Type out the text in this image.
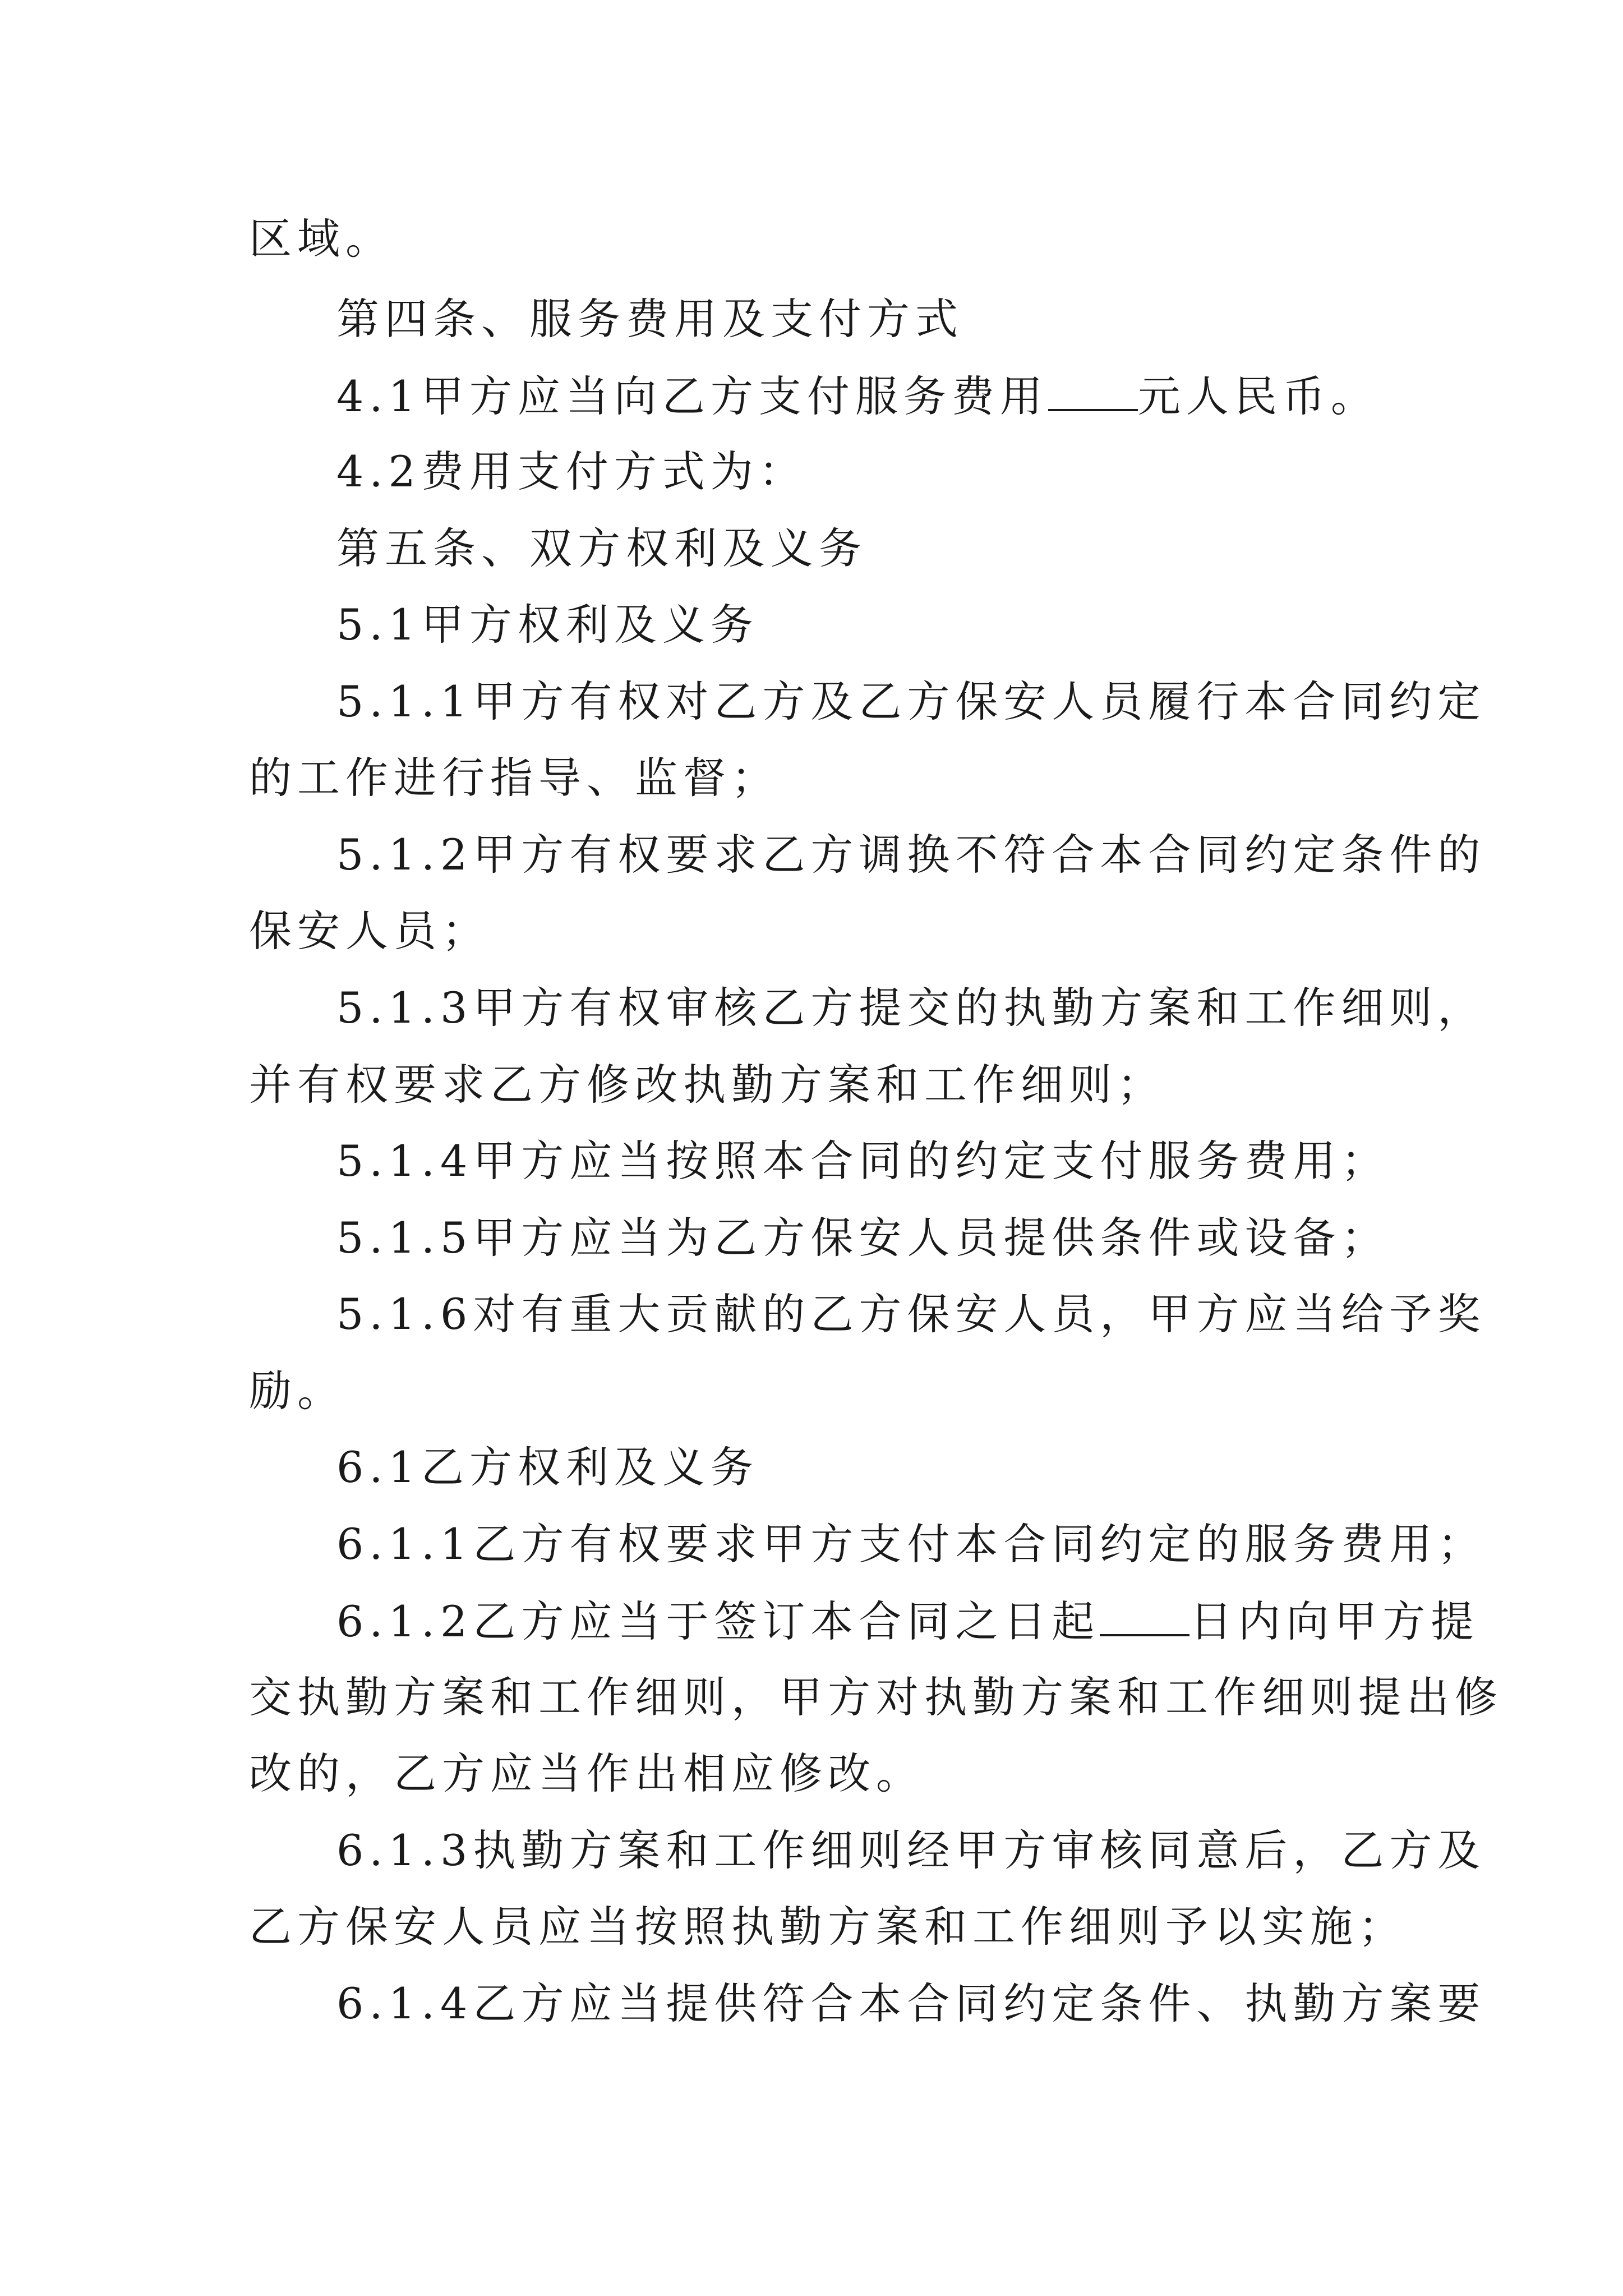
区域。
第四条、服务费用及支付方式
4.1甲方应当向乙方支付服务费用 元人民币。
4.2费用支付方式为：
第五条、双方权利及义务
5.1甲方权利及义务
5.1.1甲方有权对乙方及乙方保安人员履行本合同约定
的工作进行指导、监督；
5.1.2甲方有权要求乙方调换不符合本合同约定条件的
保安人员；
5.1.3甲方有权审核乙方提交的执勤方案和工作细则，
并有权要求乙方修改执勤方案和工作细则；
5.1.4甲方应当按照本合同的约定支付服务费用；
5.1.5甲方应当为乙方保安人员提供条件或设备；
5.1.6对有重大贡献的乙方保安人员，甲方应当给予奖
励。
6.1乙方权利及义务
6.1.1乙方有权要求甲方支付本合同约定的服务费用；
6.1.2乙方应当于签订本合同之日起 日内向甲方提
交执勤方案和工作细则，甲方对执勤方案和工作细则提出修
改的，乙方应当作出相应修改。
6.1.3执勤方案和工作细则经甲方审核同意后，乙方及
乙方保安人员应当按照执勤方案和工作细则予以实施；
6.1.4乙方应当提供符合本合同约定条件、执勤方案要
